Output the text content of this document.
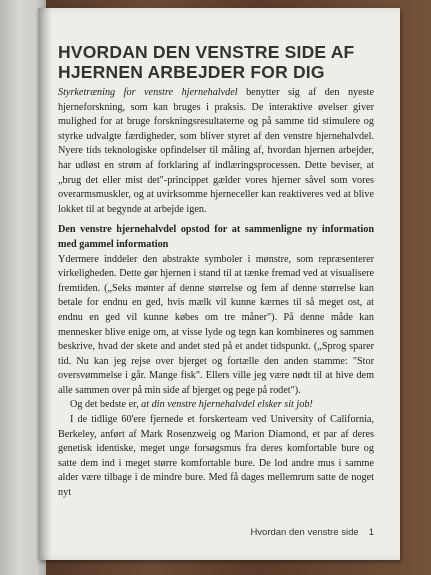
HVORDAN DEN VENSTRE SIDE AF
HJERNEN ARBEJDER FOR DIG

Styrketræning for venstre hjernehalvdel benytter sig af den nyeste hjerneforskning, som kan bruges i praksis. De interaktive øvelser giver mulighed for at bruge forskningsresultaterne og på samme tid stimulere og styrke udvalgte færdigheder, som bliver styret af den venstre hjernehalvdel. Nyere tids teknologiske opfindelser til måling af, hvordan hjernen arbejder, har udløst en strøm af forklaring af indlæringsprocessen. Dette beviser, at „brug det eller mist det"-princippet gælder vores hjerner såvel som vores overarmsmuskler, og at uvirksomme hjerneceller kan reaktiveres ved at blive lokket til at begynde at arbejde igen.

Den venstre hjernehalvdel opstod for at sammenligne ny information med gammel information

Ydermere inddeler den abstrakte symboler i mønstre, som repræsenterer virkeligheden. Dette gør hjernen i stand til at tænke fremad ved at visualisere fremtiden. („Seks mønter af denne størrelse og fem af denne størrelse kan betale for endnu en ged, hvis mælk vil kunne kærnes til så meget ost, at endnu en ged vil kunne købes om tre måner"). På denne måde kan mennesker blive enige om, at visse lyde og tegn kan kombineres og sammen beskrive, hvad der skete and andet sted på et andet tidspunkt. („Sprog sparer tid. Nu kan jeg rejse over bjerget og fortælle den anden stamme: "Stor oversvømmelse i går. Mange fisk". Ellers ville jeg være nødt til at hive dem alle sammen over på min side af bjerget og pege på rodet").

Og det bedste er, at din venstre hjernehalvdel elsker sit job!

I de tidlige 60'ere fjernede et forskerteam ved University of California, Berkeley, anført af Mark Rosenzweig og Marion Diamond, et par af deres genetisk identiske, meget unge forsøgsmus fra deres komfortable bure og satte dem ind i meget større komfortable bure. De lod andre mus i samme alder være tilbage i de mindre bure. Med få dages mellemrum satte de noget nyt

Hvordan den venstre side 1
